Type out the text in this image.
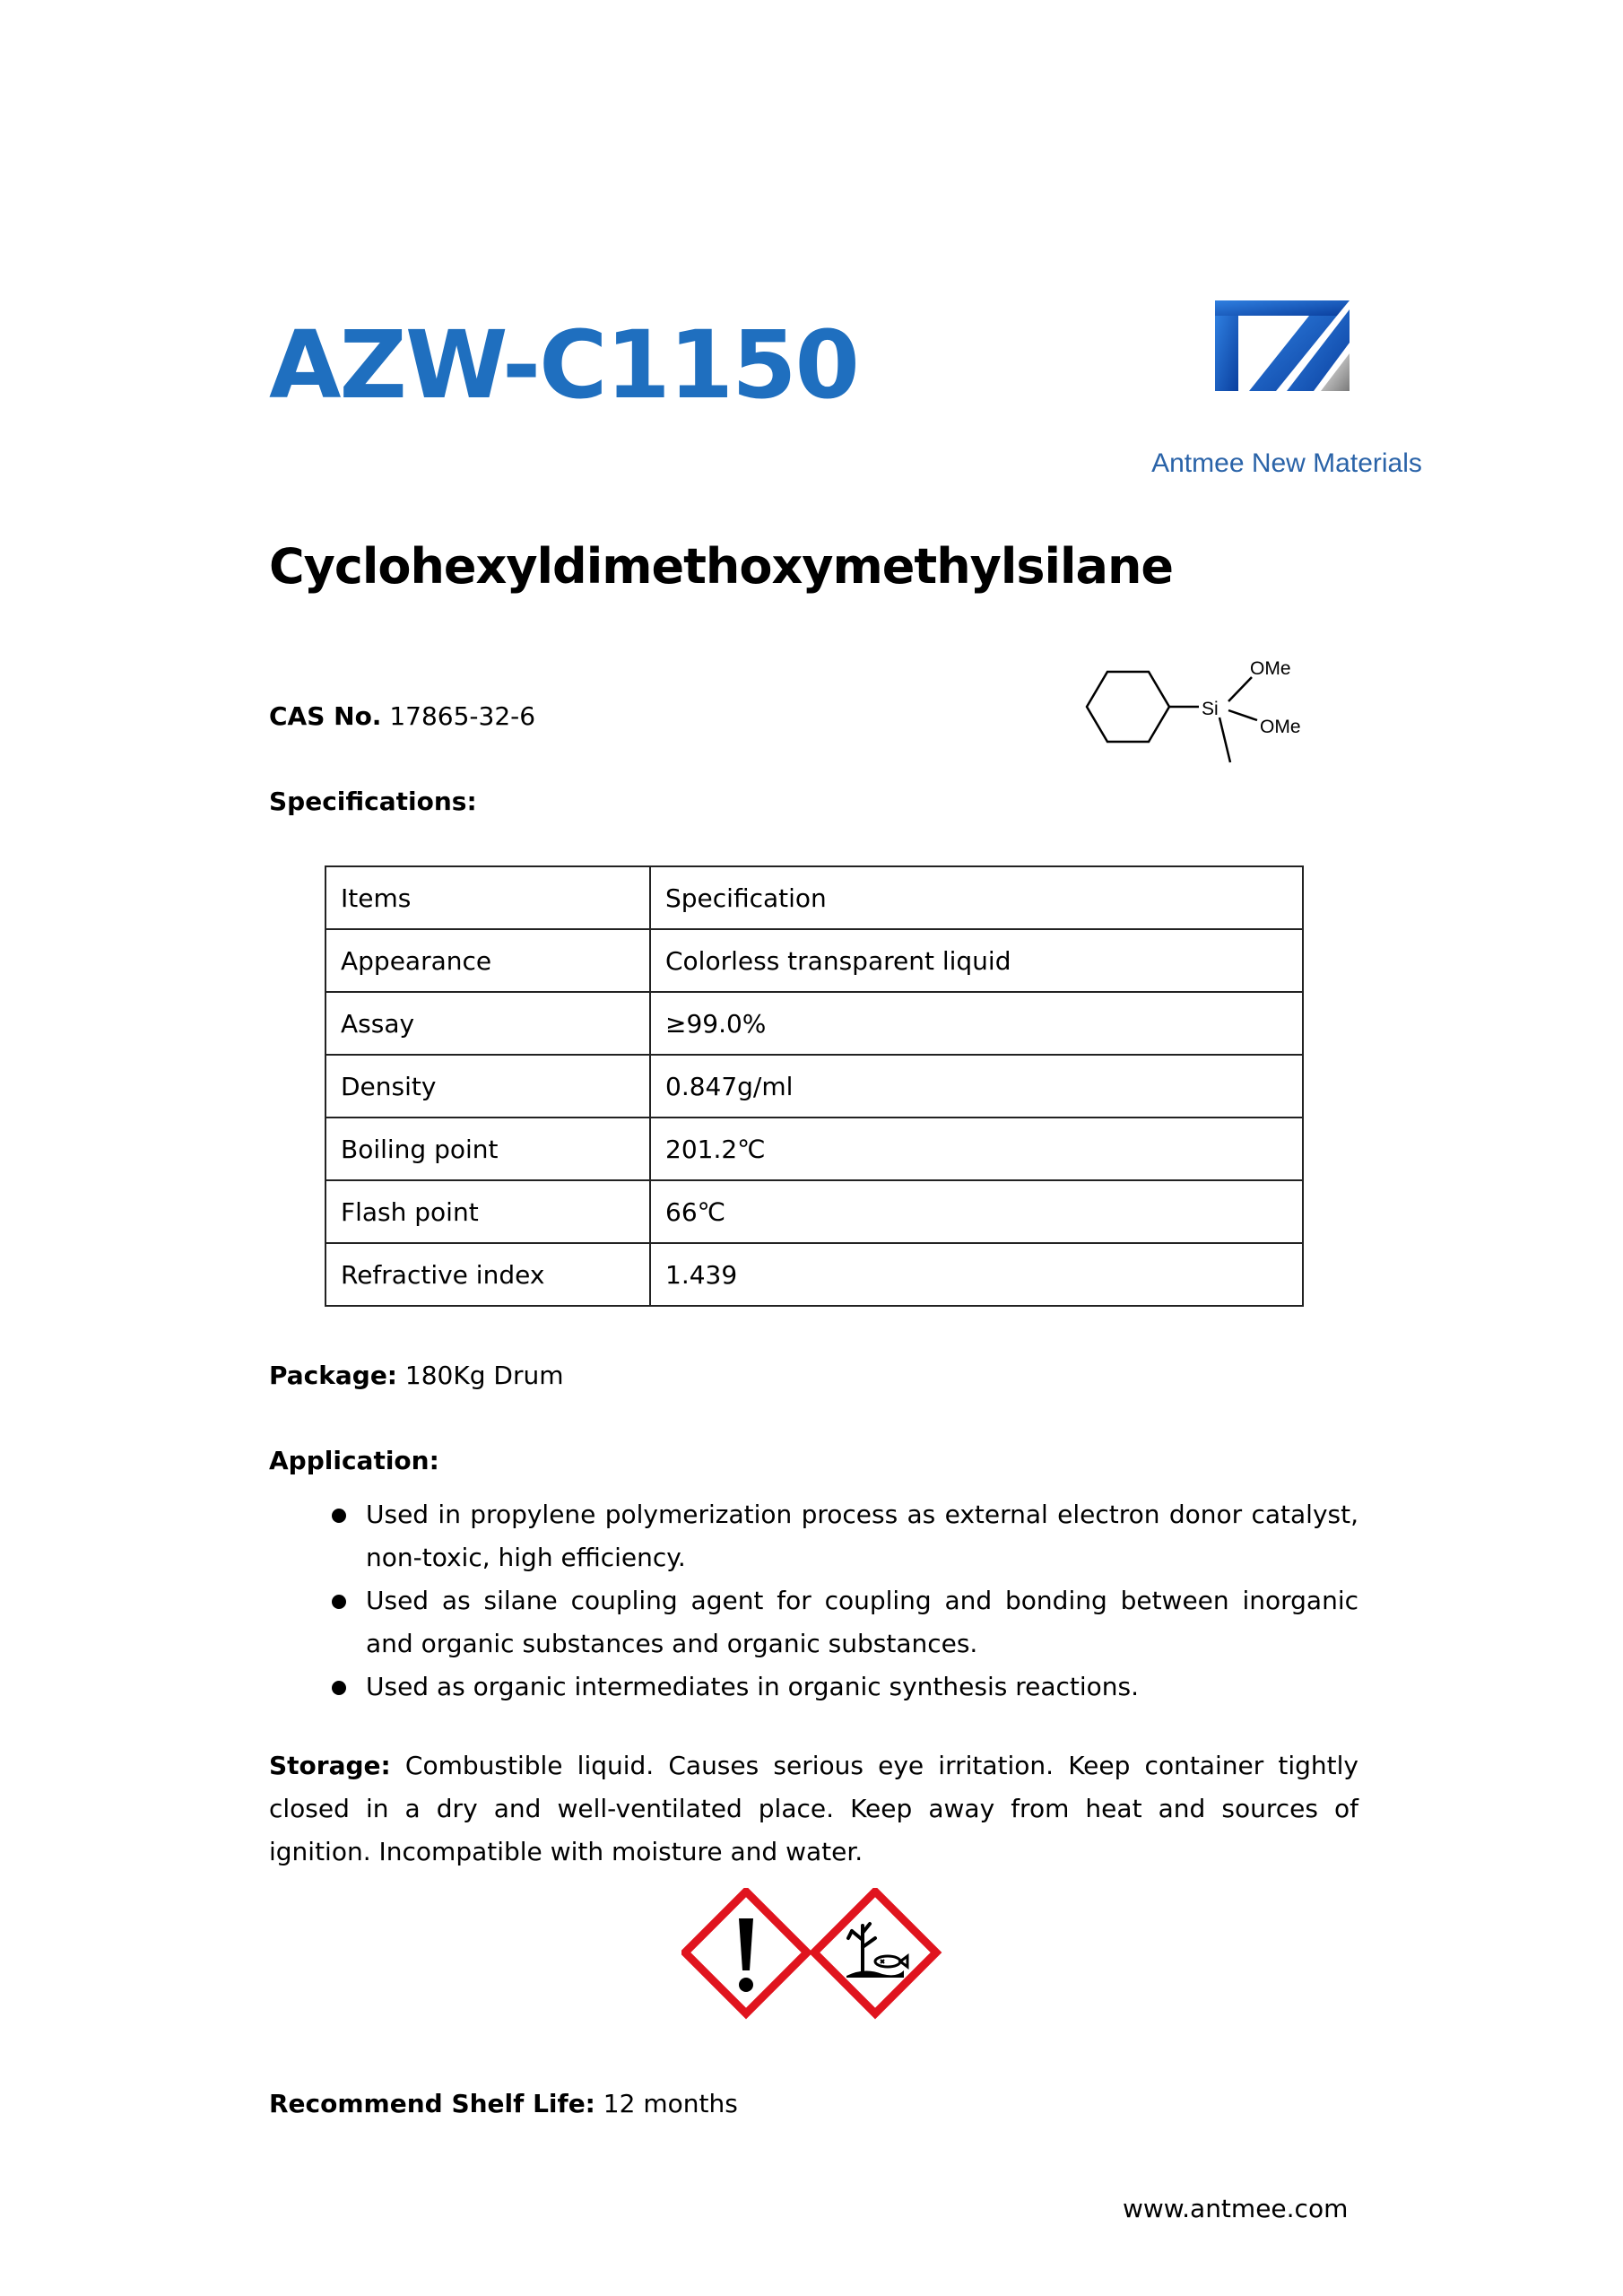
AZW-C1150
Antmee New Materials
Cyclohexyldimethoxymethylsilane
Si
OMe
OMe
CAS No. 17865-32-6
Specifications:
Items	Specification
Appearance	Colorless transparent liquid
Assay	≥99.0%
Density	0.847g/ml
Boiling point	201.2℃
Flash point	66℃
Refractive index	1.439
Package: 180Kg Drum
Application:
Used in propylene polymerization process as external electron donor catalyst, non-toxic, high efficiency.
Used as silane coupling agent for coupling and bonding between inorganic and organic substances and organic substances.
Used as organic intermediates in organic synthesis reactions.
Storage: Combustible liquid. Causes serious eye irritation. Keep container tightly closed in a dry and well-ventilated place. Keep away from heat and sources of ignition. Incompatible with moisture and water.
Recommend Shelf Life: 12 months
www.antmee.com
